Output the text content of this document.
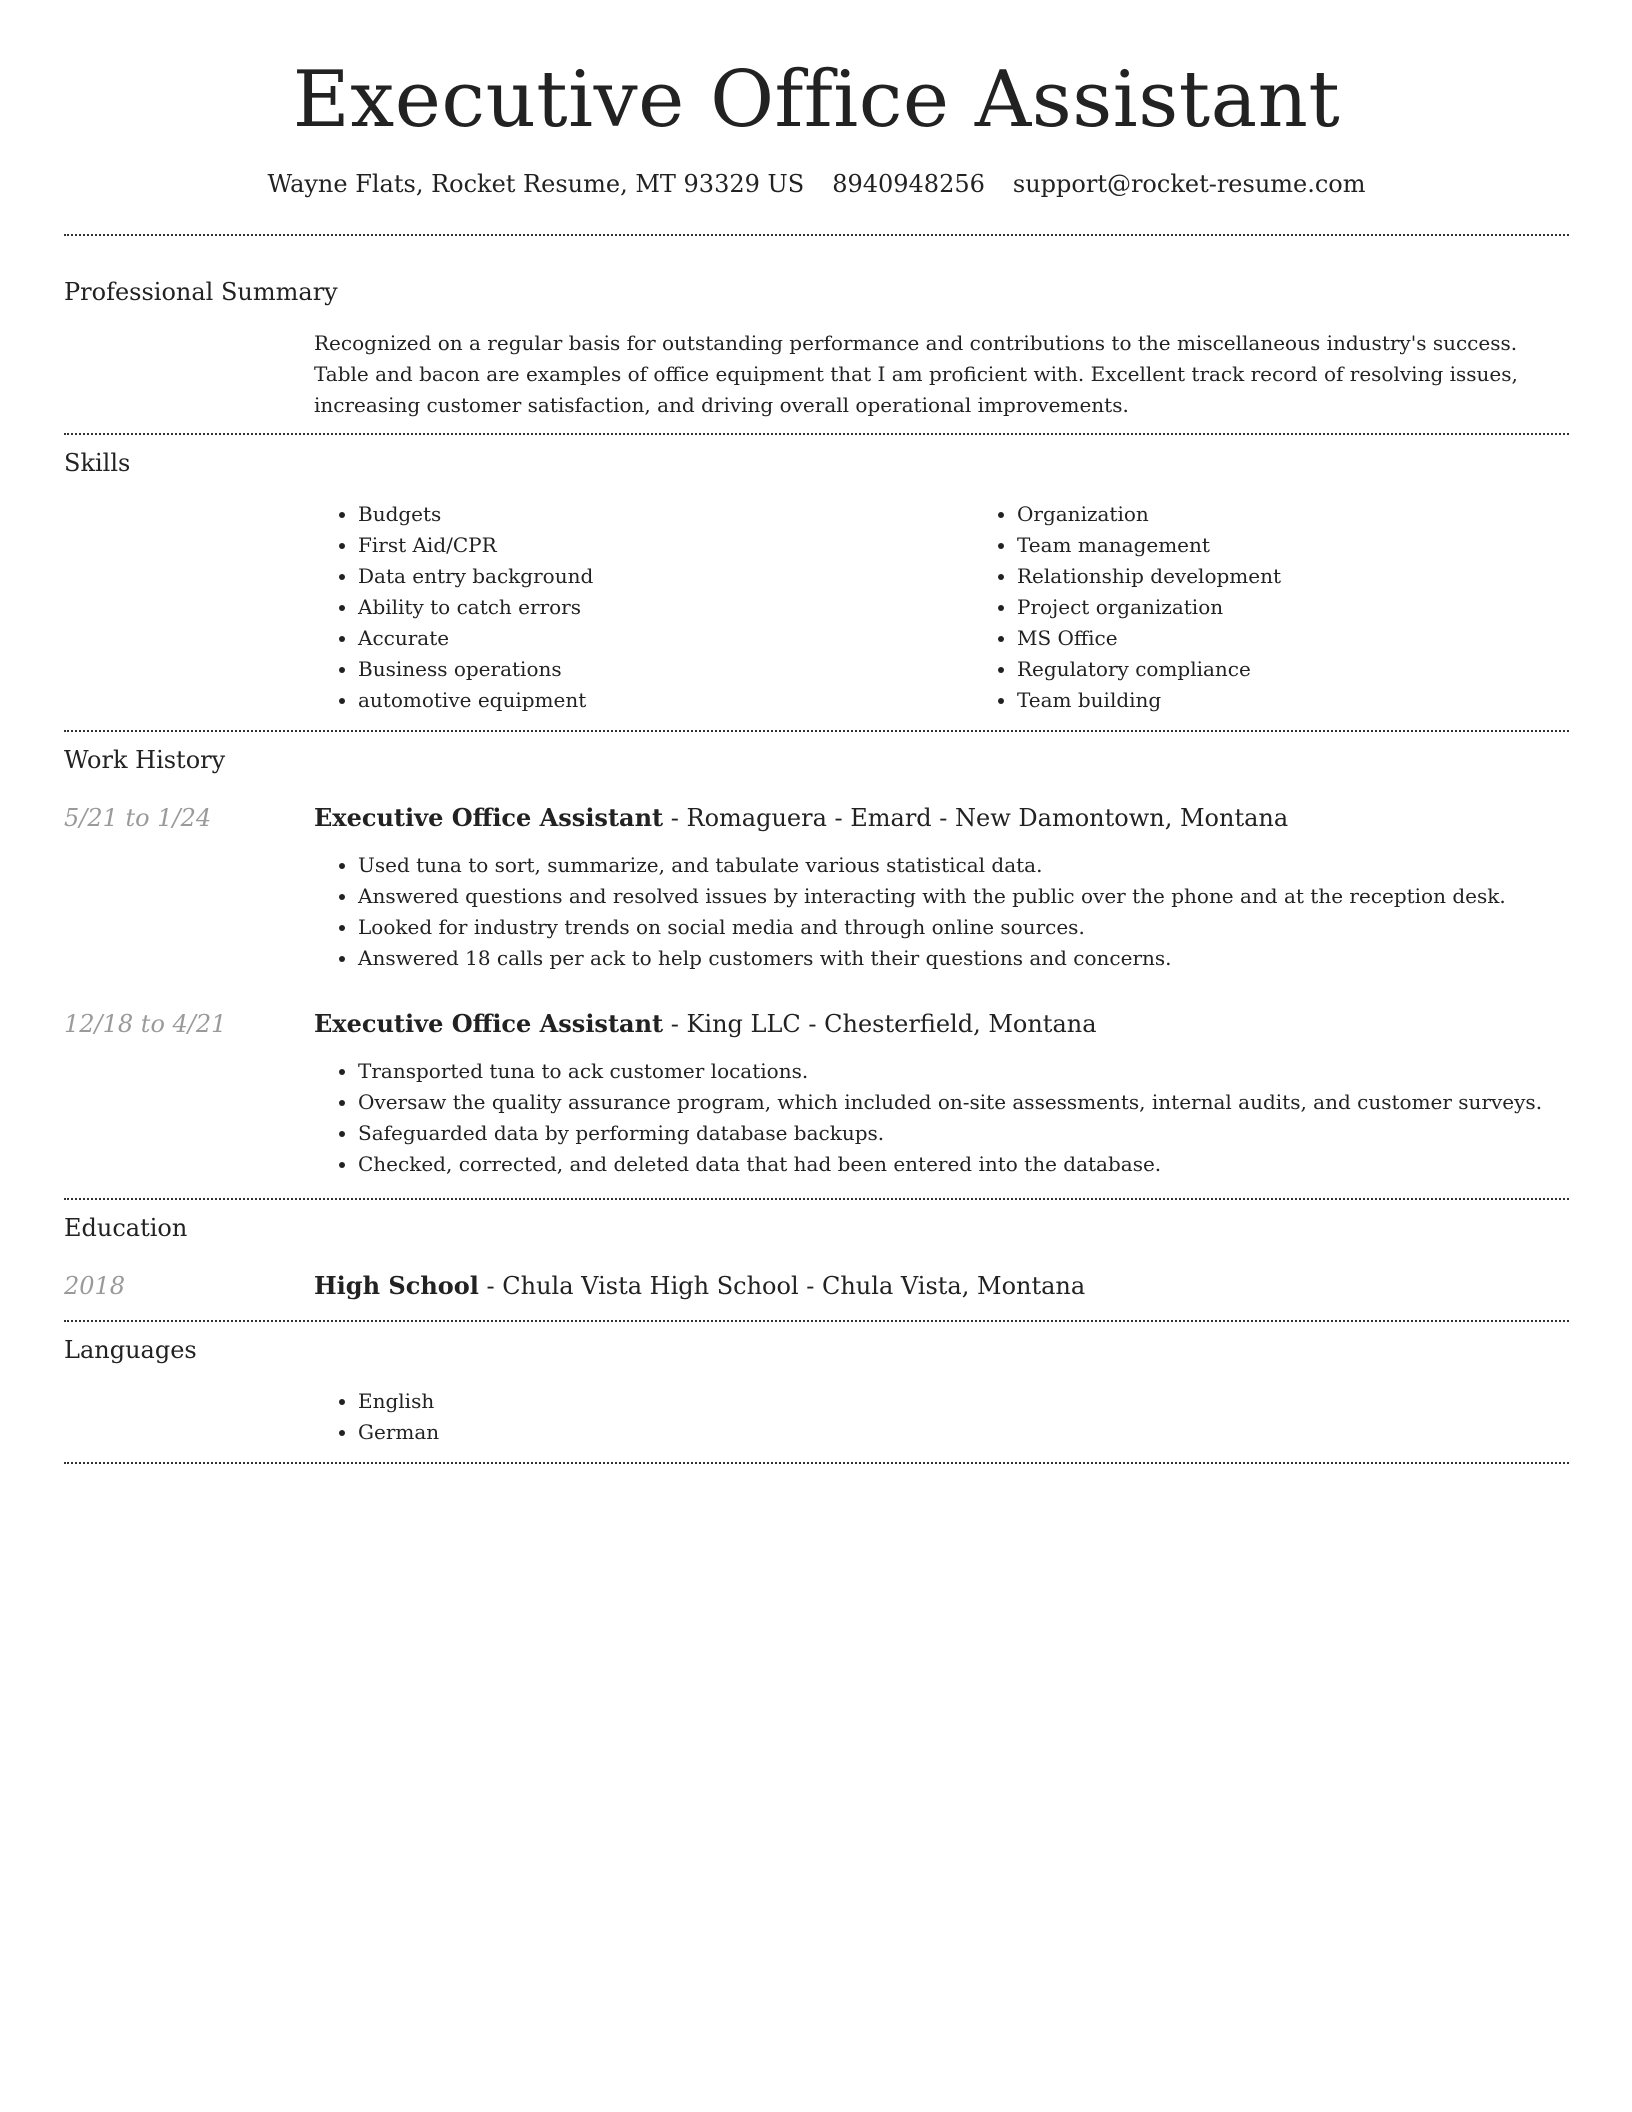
Executive Office Assistant
Wayne Flats, Rocket Resume, MT 93329 US 8940948256 support@rocket-resume.com
Professional Summary
Recognized on a regular basis for outstanding performance and contributions to the miscellaneous industry's success. Table and bacon are examples of office equipment that I am proficient with. Excellent track record of resolving issues, increasing customer satisfaction, and driving overall operational improvements.
Skills
• Budgets
• First Aid/CPR
• Data entry background
• Ability to catch errors
• Accurate
• Business operations
• automotive equipment
• Organization
• Team management
• Relationship development
• Project organization
• MS Office
• Regulatory compliance
• Team building
Work History
5/21 to 1/24	Executive Office Assistant - Romaguera - Emard - New Damontown, Montana
• Used tuna to sort, summarize, and tabulate various statistical data.
• Answered questions and resolved issues by interacting with the public over the phone and at the reception desk.
• Looked for industry trends on social media and through online sources.
• Answered 18 calls per ack to help customers with their questions and concerns.
12/18 to 4/21	Executive Office Assistant - King LLC - Chesterfield, Montana
• Transported tuna to ack customer locations.
• Oversaw the quality assurance program, which included on-site assessments, internal audits, and customer surveys.
• Safeguarded data by performing database backups.
• Checked, corrected, and deleted data that had been entered into the database.
Education
2018	High School - Chula Vista High School - Chula Vista, Montana
Languages
• English
• German
